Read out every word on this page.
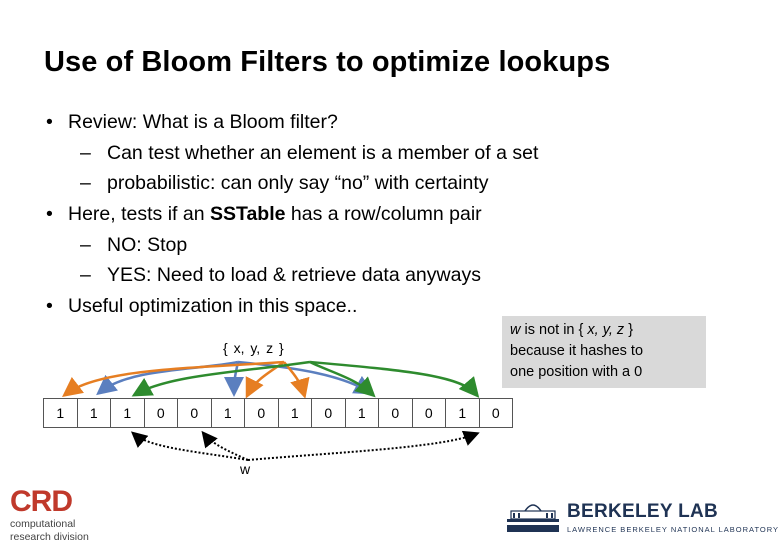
Use of Bloom Filters to optimize lookups
• Review: What is a Bloom filter?
– Can test whether an element is a member of a set
– probabilistic: can only say “no” with certainty
• Here, tests if an SSTable has a row/column pair
– NO: Stop
– YES: Need to load & retrieve data anyways
• Useful optimization in this space..
w is not in { x, y, z }
because it hashes to
one position with a 0
{ x, y, z }
1	1	1	0	0	1	0	1	0	1	0	0	1	0
w
CRD
computational
research division
BERKELEY LAB
LAWRENCE BERKELEY NATIONAL LABORATORY
